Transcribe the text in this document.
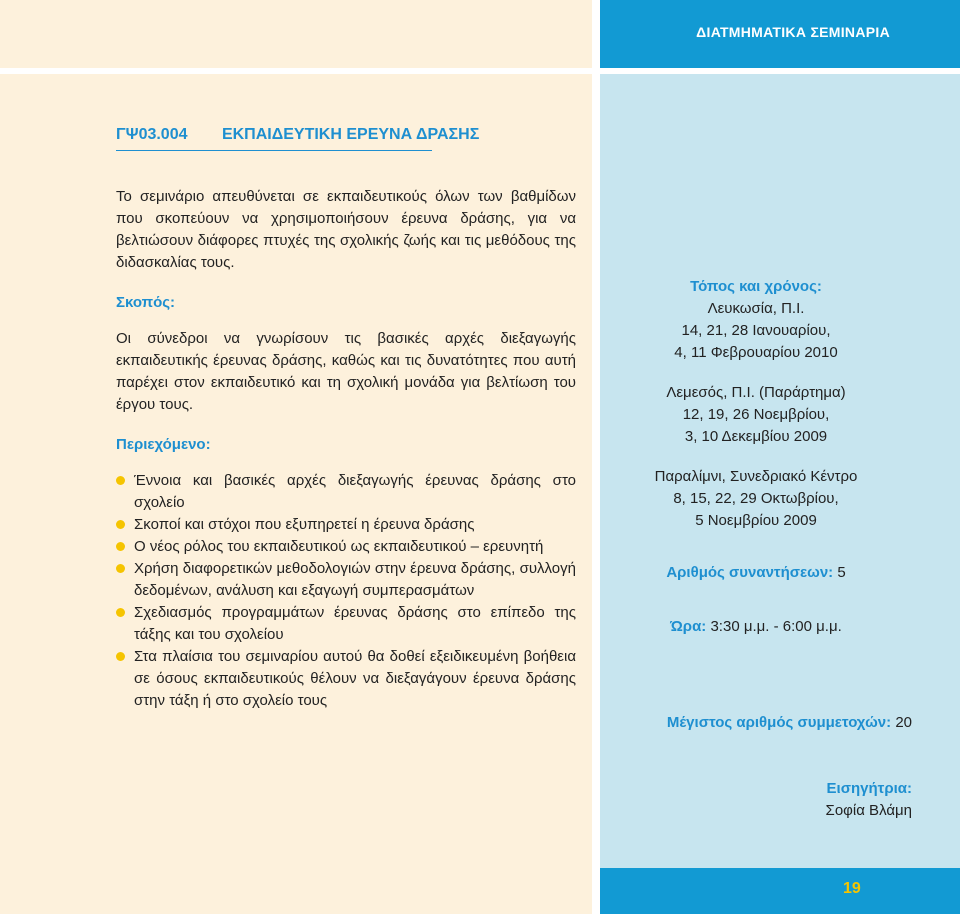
ΔΙΑΤΜΗΜΑΤΙΚΑ ΣΕΜΙΝΑΡΙΑ
ΓΨ03.004 ΕΚΠΑΙΔΕΥΤΙΚΗ ΕΡΕΥΝΑ ΔΡΑΣΗΣ

Το σεμινάριο απευθύνεται σε εκπαιδευτικούς όλων των βαθμίδων που σκοπεύουν να χρησιμοποιήσουν έρευνα δράσης, για να βελτιώσουν διάφορες πτυχές της σχολικής ζωής και τις μεθόδους της διδασκαλίας τους.

Σκοπός:

Οι σύνεδροι να γνωρίσουν τις βασικές αρχές διεξαγωγής εκπαιδευτικής έρευνας δράσης, καθώς και τις δυνατότητες που αυτή παρέχει στον εκπαιδευτικό και τη σχολική μονάδα για βελτίωση του έργου τους.

Περιεχόμενο:
Έννοια και βασικές αρχές διεξαγωγής έρευνας δράσης στο σχολείο
Σκοποί και στόχοι που εξυπηρετεί η έρευνα δράσης
Ο νέος ρόλος του εκπαιδευτικού ως εκπαιδευτικού – ερευνητή
Χρήση διαφορετικών μεθοδολογιών στην έρευνα δράσης, συλλογή δεδομένων, ανάλυση και εξαγωγή συμπερασμάτων
Σχεδιασμός προγραμμάτων έρευνας δράσης στο επίπεδο της τάξης και του σχολείου
Στα πλαίσια του σεμιναρίου αυτού θα δοθεί εξειδικευμένη βοήθεια σε όσους εκπαιδευτικούς θέλουν να διεξαγάγουν έρευνα δράσης στην τάξη ή στο σχολείο τους
Τόπος και χρόνος:
Λευκωσία, Π.Ι.
14, 21, 28 Ιανουαρίου,
4, 11 Φεβρουαρίου 2010
Λεμεσός, Π.Ι. (Παράρτημα)
12, 19, 26 Νοεμβρίου,
3, 10 Δεκεμβίου 2009
Παραλίμνι, Συνεδριακό Κέντρο
8, 15, 22, 29 Οκτωβρίου,
5 Νοεμβρίου 2009
Αριθμός συναντήσεων: 5
Ώρα: 3:30 μ.μ. - 6:00 μ.μ.
Μέγιστος αριθμός συμμετοχών: 20
Εισηγήτρια:
Σοφία Βλάμη
19
